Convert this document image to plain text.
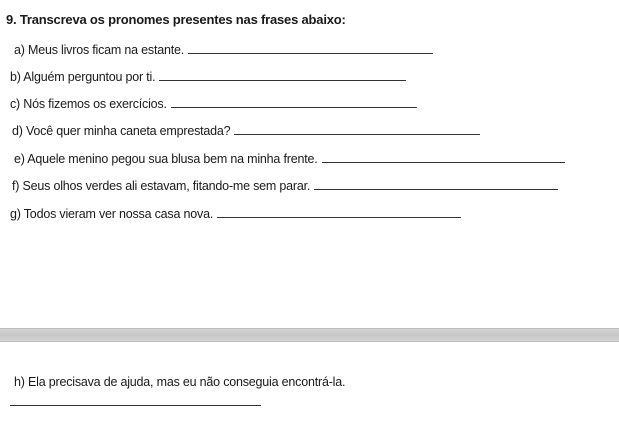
9. Transcreva os pronomes presentes nas frases abaixo:
a) Meus livros ficam na estante.
b) Alguém perguntou por ti.
c) Nós fizemos os exercícios.
d) Você quer minha caneta emprestada?
e) Aquele menino pegou sua blusa bem na minha frente.
f) Seus olhos verdes ali estavam, fitando-me sem parar.
g) Todos vieram ver nossa casa nova.
h) Ela precisava de ajuda, mas eu não conseguia encontrá-la.
